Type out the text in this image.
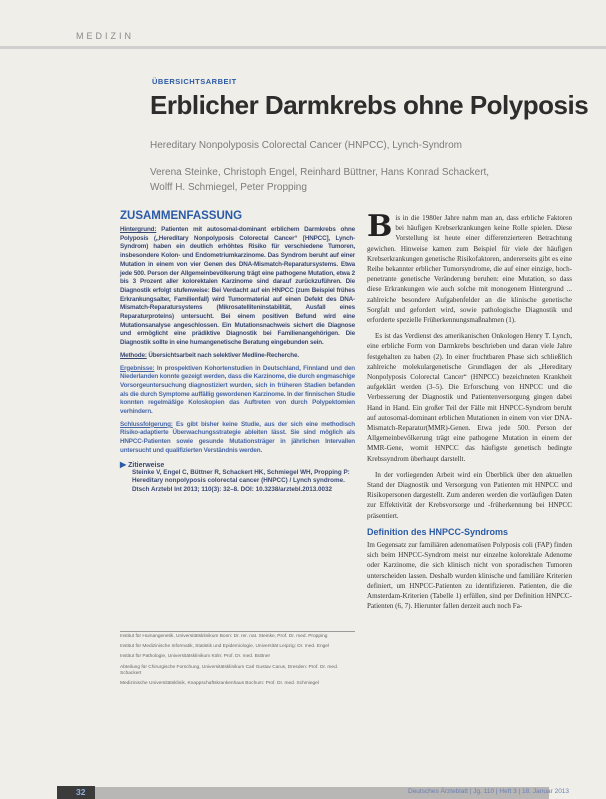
MEDIZIN
ÜBERSICHTSARBEIT
Erblicher Darmkrebs ohne Polyposis
Hereditary Nonpolyposis Colorectal Cancer (HNPCC), Lynch-Syndrom
Verena Steinke, Christoph Engel, Reinhard Büttner, Hans Konrad Schackert,
Wolff H. Schmiegel, Peter Propping
ZUSAMMENFASSUNG

Hintergrund: Patienten mit autosomal-dominant erblichem Darmkrebs ohne Polyposis („Hereditary Nonpolyposis Colorectal Cancer“ [HNPCC], Lynch-Syndrom) haben ein deutlich erhöhtes Risiko für verschiedene Tumoren, insbesondere Kolon- und Endometriumkarzinome. Das Syndrom beruht auf einer Mutation in einem von vier Genen des DNA-Mismatch-Reparatursystems. Etwa jede 500. Person der Allgemeinbevölkerung trägt eine pathogene Mutation, etwa 2 bis 3 Prozent aller kolorektalen Karzinome sind darauf zurückzuführen. Die Diagnostik erfolgt stufenweise: Bei Verdacht auf ein HNPCC (zum Beispiel frühes Erkrankungsalter, Familienfall) wird Tumormaterial auf einen Defekt des DNA-Mismatch-Reparatursystems (Mikrosatelliteninstabilität, Ausfall eines Reparaturproteins) untersucht. Bei einem positiven Befund wird eine Mutationsanalyse angeschlossen. Ein Mutationsnachweis sichert die Diagnose und ermöglicht eine prädiktive Diagnostik bei Familienangehörigen. Die Diagnostik sollte in eine humangenetische Beratung eingebunden sein.

Methode: Übersichtsarbeit nach selektiver Medline-Recherche.

Ergebnisse: In prospektiven Kohortenstudien in Deutschland, Finnland und den Niederlanden konnte gezeigt werden, dass die Karzinome, die durch engmaschige Vorsorgeuntersuchung diagnostiziert wurden, sich in früheren Stadien befanden als die durch Symptome auffällig gewordenen Karzinome. In der finnischen Studie konnten regelmäßige Koloskopien das Auftreten von durch Polypektomien verhindern.

Schlussfolgerung: Es gibt bisher keine Studie, aus der sich eine methodisch Risiko-adaptierte Überwachungsstrategie ableiten lässt. Sie sind möglich als HNPCC-Patienten sowie gesunde Mutationsträger in jährlichen Intervallen untersucht und qualifizierten Verständnis werden.

▶ Zitierweise
Steinke V, Engel C, Büttner R, Schackert HK, Schmiegel WH, Propping P: Hereditary nonpolyposis colorectal cancer (HNPCC) / Lynch syndrome. Dtsch Arztebl Int 2013; 110(3): 32–8. DOI: 10.3238/arztebl.2013.0032
Institut für Humangenetik, Universitätsklinikum Bonn: Dr. rer. nat. Steinke, Prof. Dr. med. Propping
Institut für Medizinische Informatik, Statistik und Epidemiologie, Universität Leipzig: Dr. med. Engel
Institut für Pathologie, Universitätsklinikum Köln: Prof. Dr. med. Büttner
Abteilung für Chirurgische Forschung, Universitätsklinikum Carl Gustav Carus, Dresden: Prof. Dr. med. Schackert
Medizinische Universitätsklinik, Knappschaftskrankenhaus Bochum: Prof. Dr. med. Schmiegel

Bis in die 1980er Jahre nahm man an, dass erbliche Faktoren bei häufigen Krebserkrankungen keine Rolle spielen. Diese Vorstellung ist heute einer differenzierteren Betrachtung gewichen. Hinweise kamen zum Beispiel für viele der häufigen Krebserkrankungen genetische Risikofaktoren, andererseits gibt es eine Reihe bekannter erblicher Tumorsyndrome, die auf einer einzige, hoch-penetrante genetische Veränderung beruhen: eine Mutation, so dass diese Erkrankungen wie auch solche mit monogenem Hintergrund ... zahlreiche besondere Aufgabenfelder an die klinische genetische Sorgfalt und gefordert wird, sowie pathologische Diagnostik und erforderte spezielle Früherkennungsmaßnahmen (1).

Es ist das Verdienst des amerikanischen Onkologen Henry T. Lynch, eine erbliche Form von Darmkrebs beschrieben und daran viele Jahre festgehalten zu haben (2). In einer fruchtbaren Phase sich schließlich zahlreiche molekulargenetische Grundlagen der als „Hereditary Nonpolyposis Colorectal Cancer“ (HNPCC) bezeichneten Krankheit aufgeklärt werden (3–5). Die Erforschung von HNPCC und die Verbesserung der Diagnostik und Patientenversorgung gingen dabei Hand in Hand. Ein großer Teil der Fälle mit HNPCC-Syndrom beruht auf autosomal-dominant erblichen Mutationen in einem von vier DNA-Mismatch-Reparatur(MMR)-Genen. Etwa jede 500. Person der Allgemeinbevölkerung trägt eine pathogene Mutation in einem der MMR-Gene, womit HNPCC das häufigste genetisch bedingte Krebssyndrom überhaupt darstellt.

In der vorliegenden Arbeit wird ein Überblick über den aktuellen Stand der Diagnostik und Versorgung von Patienten mit HNPCC und Risikopersonen dargestellt. Zum anderen werden die vorläufigen Daten zur Effektivität der Krebsvorsorge und -früherkennung bei HNPCC präsentiert.

Definition des HNPCC-Syndroms

Im Gegensatz zur familiären adenomatösen Polyposis coli (FAP) finden sich beim HNPCC-Syndrom meist nur einzelne kolorektale Adenome oder Karzinome, die sich klinisch nicht von sporadischen Tumoren unterscheiden lassen. Deshalb wurden klinische und familiäre Kriterien definiert, um HNPCC-Patienten zu identifizieren. Patienten, die die Amsterdam-Kriterien (Tabelle 1) erfüllen, sind per Definition HNPCC-Patienten (6, 7). Hierunter fallen derzeit auch noch Fa-

32	Deutsches Ärzteblatt | Jg. 110 | Heft 3 | 18. Januar 2013
